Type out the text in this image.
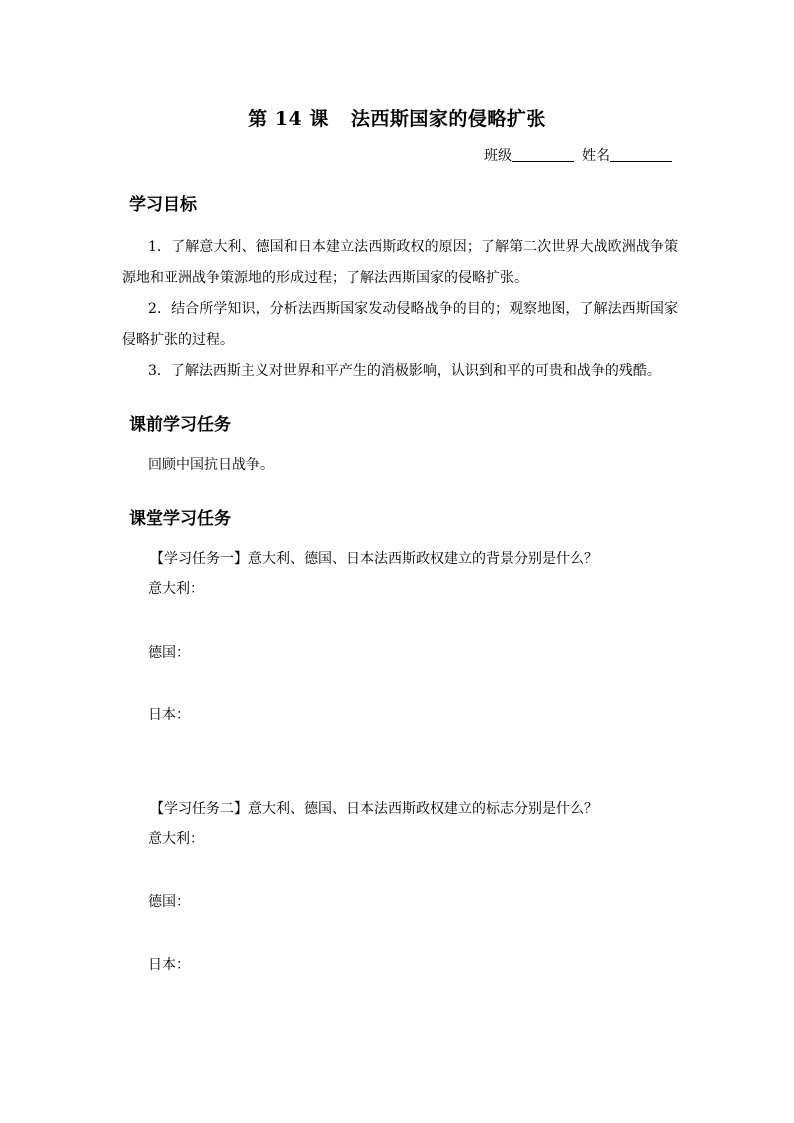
第 14 课 法西斯国家的侵略扩张
班级	姓名
学习目标
1．了解意大利、德国和日本建立法西斯政权的原因；了解第二次世界大战欧洲战争策源地和亚洲战争策源地的形成过程；了解法西斯国家的侵略扩张。
2．结合所学知识，分析法西斯国家发动侵略战争的目的；观察地图，了解法西斯国家侵略扩张的过程。
3．了解法西斯主义对世界和平产生的消极影响，认识到和平的可贵和战争的残酷。
课前学习任务
回顾中国抗日战争。
课堂学习任务
【学习任务一】意大利、德国、日本法西斯政权建立的背景分别是什么？
意大利：
德国：
日本：
【学习任务二】意大利、德国、日本法西斯政权建立的标志分别是什么？
意大利：
德国：
日本：
